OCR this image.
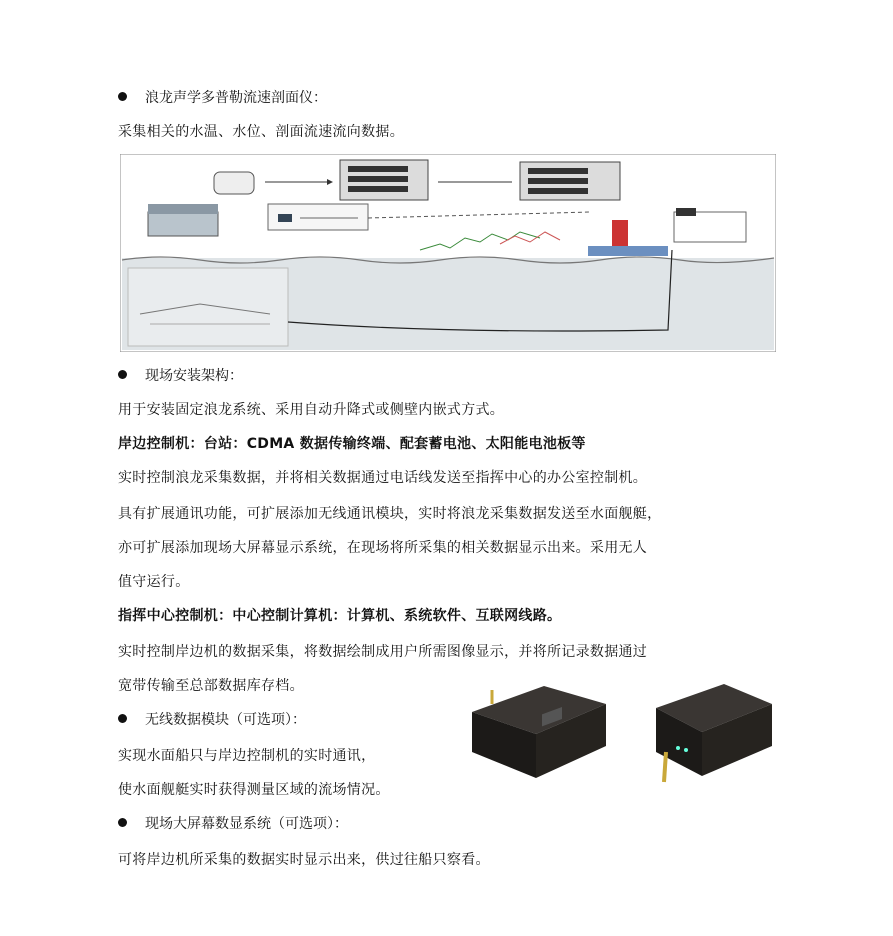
浪龙声学多普勒流速剖面仪：
采集相关的水温、水位、剖面流速流向数据。
现场安装架构：
用于安装固定浪龙系统、采用自动升降式或侧壁内嵌式方式。
岸边控制机：台站：CDMA 数据传输终端、配套蓄电池、太阳能电池板等
实时控制浪龙采集数据，并将相关数据通过电话线发送至指挥中心的办公室控制机。
具有扩展通讯功能，可扩展添加无线通讯模块，实时将浪龙采集数据发送至水面舰艇，
亦可扩展添加现场大屏幕显示系统，在现场将所采集的相关数据显示出来。采用无人
值守运行。
指挥中心控制机：中心控制计算机：计算机、系统软件、互联网线路。
实时控制岸边机的数据采集，将数据绘制成用户所需图像显示，并将所记录数据通过
宽带传输至总部数据库存档。
无线数据模块（可选项）：
实现水面船只与岸边控制机的实时通讯，
使水面舰艇实时获得测量区域的流场情况。
现场大屏幕数显系统（可选项）：
可将岸边机所采集的数据实时显示出来，供过往船只察看。
